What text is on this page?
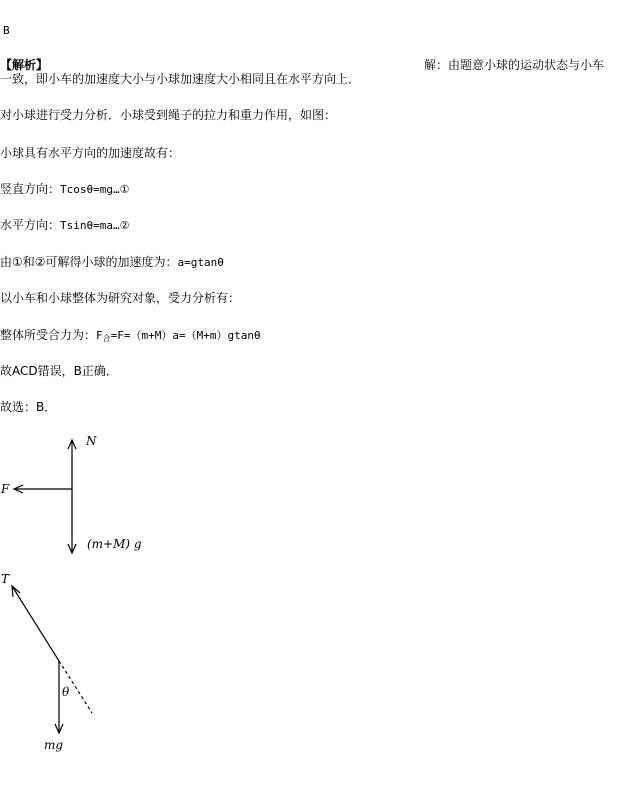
B
【解析】	解：由题意小球的运动状态与小车
一致，即小车的加速度大小与小球加速度大小相同且在水平方向上．
对小球进行受力分析．小球受到绳子的拉力和重力作用，如图：
小球具有水平方向的加速度故有：
竖直方向：Tcosθ=mg…①
水平方向：Tsinθ=ma…②
由①和②可解得小球的加速度为：a=gtanθ
以小车和小球整体为研究对象，受力分析有：
整体所受合力为：$F_合=F=(m+M)a=(M+m)gtan\theta$
故ACD错误，B正确．
故选：B．
N
F
(m+M) g
T
θ
mg
